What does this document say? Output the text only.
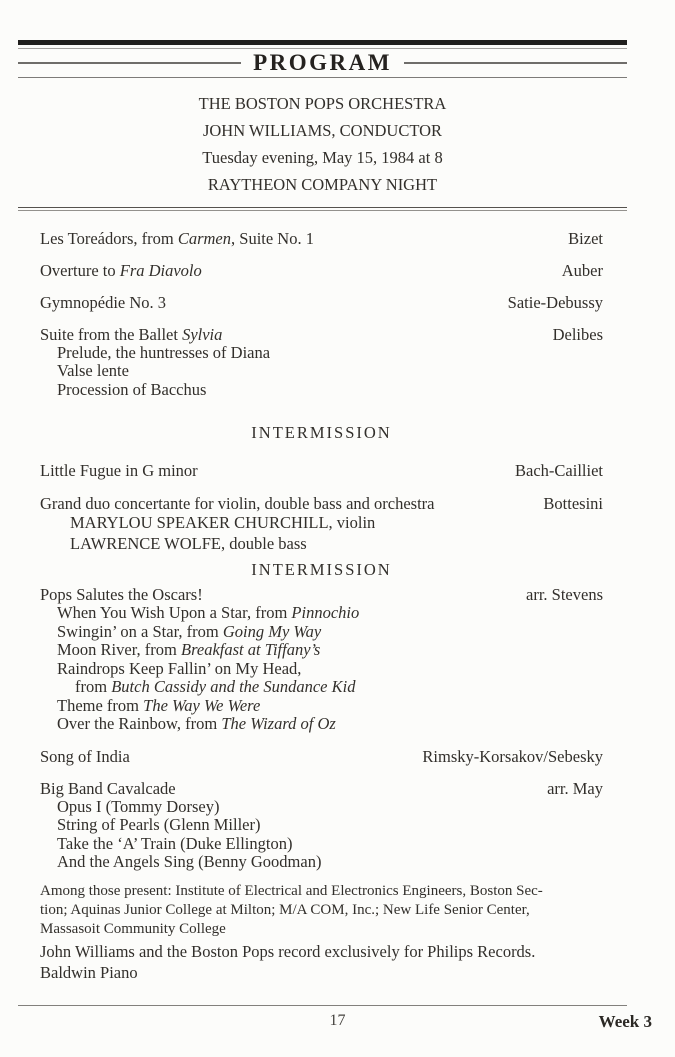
PROGRAM
THE BOSTON POPS ORCHESTRA
JOHN WILLIAMS, CONDUCTOR
Tuesday evening, May 15, 1984 at 8
RAYTHEON COMPANY NIGHT
Les Toreádors, from Carmen, Suite No. 1	Bizet
Overture to Fra Diavolo	Auber
Gymnopédie No. 3	Satie-Debussy
Suite from the Ballet Sylvia	Delibes
Prelude, the huntresses of Diana
Valse lente
Procession of Bacchus
INTERMISSION
Little Fugue in G minor	Bach-Cailliet
Grand duo concertante for violin, double bass and orchestra	Bottesini
MARYLOU SPEAKER CHURCHILL, violin
LAWRENCE WOLFE, double bass
INTERMISSION
Pops Salutes the Oscars!	arr. Stevens
When You Wish Upon a Star, from Pinnochio
Swingin’ on a Star, from Going My Way
Moon River, from Breakfast at Tiffany’s
Raindrops Keep Fallin’ on My Head,
from Butch Cassidy and the Sundance Kid
Theme from The Way We Were
Over the Rainbow, from The Wizard of Oz
Song of India	Rimsky-Korsakov/Sebesky
Big Band Cavalcade	arr. May
Opus I (Tommy Dorsey)
String of Pearls (Glenn Miller)
Take the ‘A’ Train (Duke Ellington)
And the Angels Sing (Benny Goodman)
Among those present: Institute of Electrical and Electronics Engineers, Boston Sec-
tion; Aquinas Junior College at Milton; M/A COM, Inc.; New Life Senior Center,
Massasoit Community College
John Williams and the Boston Pops record exclusively for Philips Records.
Baldwin Piano
17	Week 3
